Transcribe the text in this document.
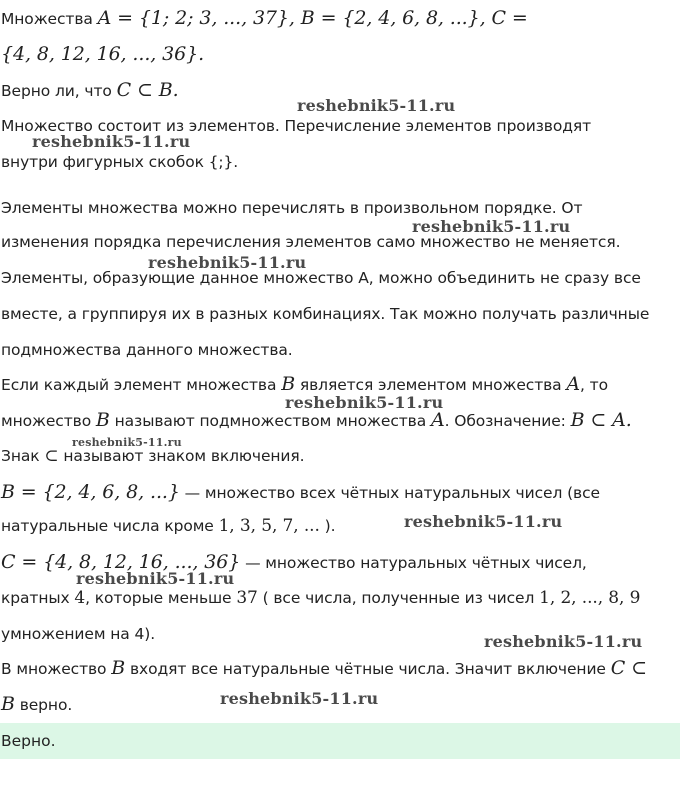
Множества A = {1; 2; 3, ..., 37}, B = {2, 4, 6, 8, ...}, C =
{4, 8, 12, 16, ..., 36}.
Верно ли, что C ⊂ B.
Множество состоит из элементов. Перечисление элементов производят
внутри фигурных скобок {;}.
Элементы множества можно перечислять в произвольном порядке. От
изменения порядка перечисления элементов само множество не меняется.
Элементы, образующие данное множество A, можно объединить не сразу все
вместе, а группируя их в разных комбинациях. Так можно получать различные
подмножества данного множества.
Если каждый элемент множества B является элементом множества A, то
множество B называют подмножеством множества A. Обозначение: B ⊂ A.
Знак ⊂ называют знаком включения.
B = {2, 4, 6, 8, ...} — множество всех чётных натуральных чисел (все
натуральные числа кроме 1, 3, 5, 7, ... ).
C = {4, 8, 12, 16, ..., 36} — множество натуральных чётных чисел,
кратных 4, которые меньше 37 ( все числа, полученные из чисел 1, 2, ..., 8, 9
умножением на 4).
В множество B входят все натуральные чётные числа. Значит включение C ⊂
B верно.
Верно.
reshebnik5-11.ru
reshebnik5-11.ru
reshebnik5-11.ru
reshebnik5-11.ru
reshebnik5-11.ru
reshebnik5-11.ru
reshebnik5-11.ru
reshebnik5-11.ru
reshebnik5-11.ru
reshebnik5-11.ru
